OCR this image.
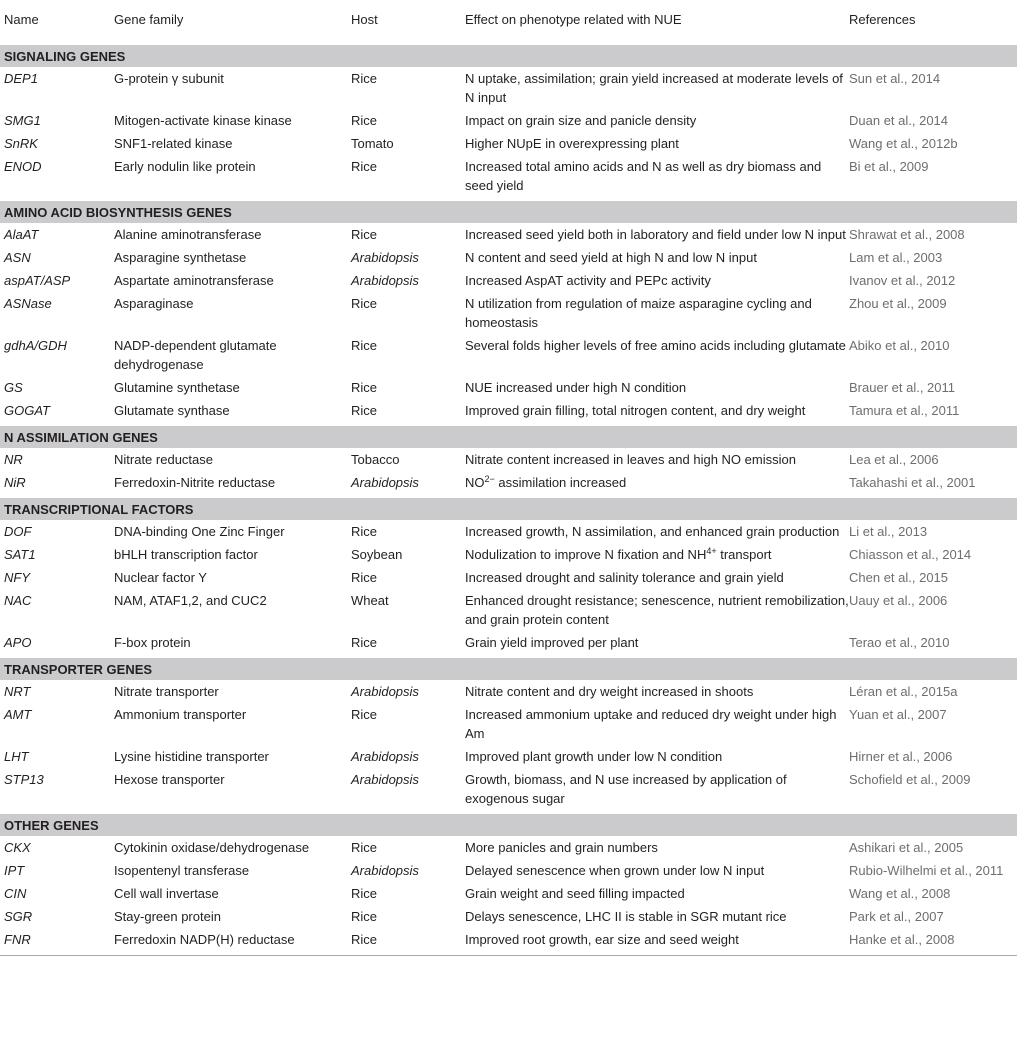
Name	Gene family	Host	Effect on phenotype related with NUE	References
SIGNALING GENES				
DEP1	G-protein γ subunit	Rice	N uptake, assimilation; grain yield increased at moderate levels of N input	Sun et al., 2014
SMG1	Mitogen-activate kinase kinase	Rice	Impact on grain size and panicle density	Duan et al., 2014
SnRK	SNF1-related kinase	Tomato	Higher NUpE in overexpressing plant	Wang et al., 2012b
ENOD	Early nodulin like protein	Rice	Increased total amino acids and N as well as dry biomass and seed yield	Bi et al., 2009
AMINO ACID BIOSYNTHESIS GENES				
AlaAT	Alanine aminotransferase	Rice	Increased seed yield both in laboratory and field under low N input	Shrawat et al., 2008
ASN	Asparagine synthetase	Arabidopsis	N content and seed yield at high N and low N input	Lam et al., 2003
aspAT/ASP	Aspartate aminotransferase	Arabidopsis	Increased AspAT activity and PEPc activity	Ivanov et al., 2012
ASNase	Asparaginase	Rice	N utilization from regulation of maize asparagine cycling and homeostasis	Zhou et al., 2009
gdhA/GDH	NADP-dependent glutamate dehydrogenase	Rice	Several folds higher levels of free amino acids including glutamate	Abiko et al., 2010
GS	Glutamine synthetase	Rice	NUE increased under high N condition	Brauer et al., 2011
GOGAT	Glutamate synthase	Rice	Improved grain filling, total nitrogen content, and dry weight	Tamura et al., 2011
N ASSIMILATION GENES				
NR	Nitrate reductase	Tobacco	Nitrate content increased in leaves and high NO emission	Lea et al., 2006
NiR	Ferredoxin-Nitrite reductase	Arabidopsis	$NO^{2-}$ assimilation increased	Takahashi et al., 2001
TRANSCRIPTIONAL FACTORS				
DOF	DNA-binding One Zinc Finger	Rice	Increased growth, N assimilation, and enhanced grain production	Li et al., 2013
SAT1	bHLH transcription factor	Soybean	Nodulization to improve N fixation and $NH^{4+}$ transport	Chiasson et al., 2014
NFY	Nuclear factor Y	Rice	Increased drought and salinity tolerance and grain yield	Chen et al., 2015
NAC	NAM, ATAF1,2, and CUC2	Wheat	Enhanced drought resistance; senescence, nutrient remobilization, and grain protein content	Uauy et al., 2006
APO	F-box protein	Rice	Grain yield improved per plant	Terao et al., 2010
TRANSPORTER GENES				
NRT	Nitrate transporter	Arabidopsis	Nitrate content and dry weight increased in shoots	Léran et al., 2015a
AMT	Ammonium transporter	Rice	Increased ammonium uptake and reduced dry weight under high Am	Yuan et al., 2007
LHT	Lysine histidine transporter	Arabidopsis	Improved plant growth under low N condition	Hirner et al., 2006
STP13	Hexose transporter	Arabidopsis	Growth, biomass, and N use increased by application of exogenous sugar	Schofield et al., 2009
OTHER GENES				
CKX	Cytokinin oxidase/dehydrogenase	Rice	More panicles and grain numbers	Ashikari et al., 2005
IPT	Isopentenyl transferase	Arabidopsis	Delayed senescence when grown under low N input	Rubio-Wilhelmi et al., 2011
CIN	Cell wall invertase	Rice	Grain weight and seed filling impacted	Wang et al., 2008
SGR	Stay-green protein	Rice	Delays senescence, LHC II is stable in SGR mutant rice	Park et al., 2007
FNR	Ferredoxin NADP(H) reductase	Rice	Improved root growth, ear size and seed weight	Hanke et al., 2008
